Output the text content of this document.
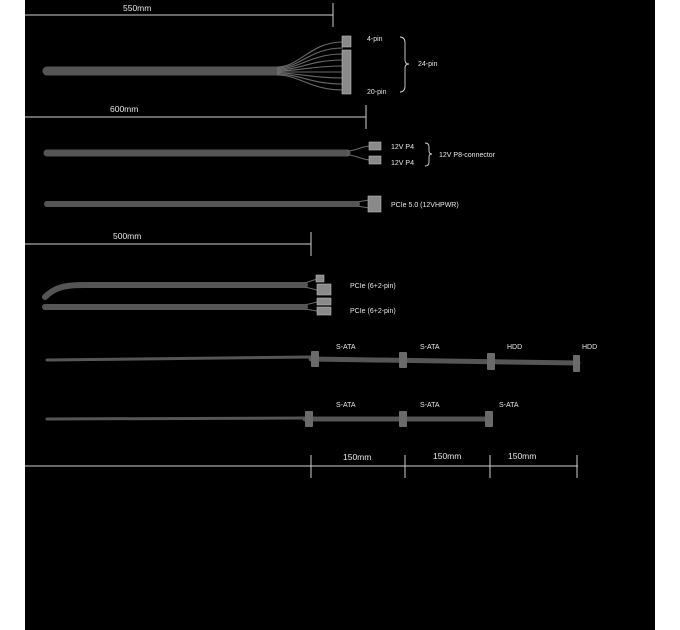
550mm
4-pin
20-pin
24-pin
600mm
12V P4
12V P4
12V P8-connector
PCIe 5.0 (12VHPWR)
500mm
PCIe (6+2-pin)
PCIe (6+2-pin)
S-ATA	S-ATA	HDD	HDD
S-ATA	S-ATA	S-ATA
150mm	150mm	150mm
